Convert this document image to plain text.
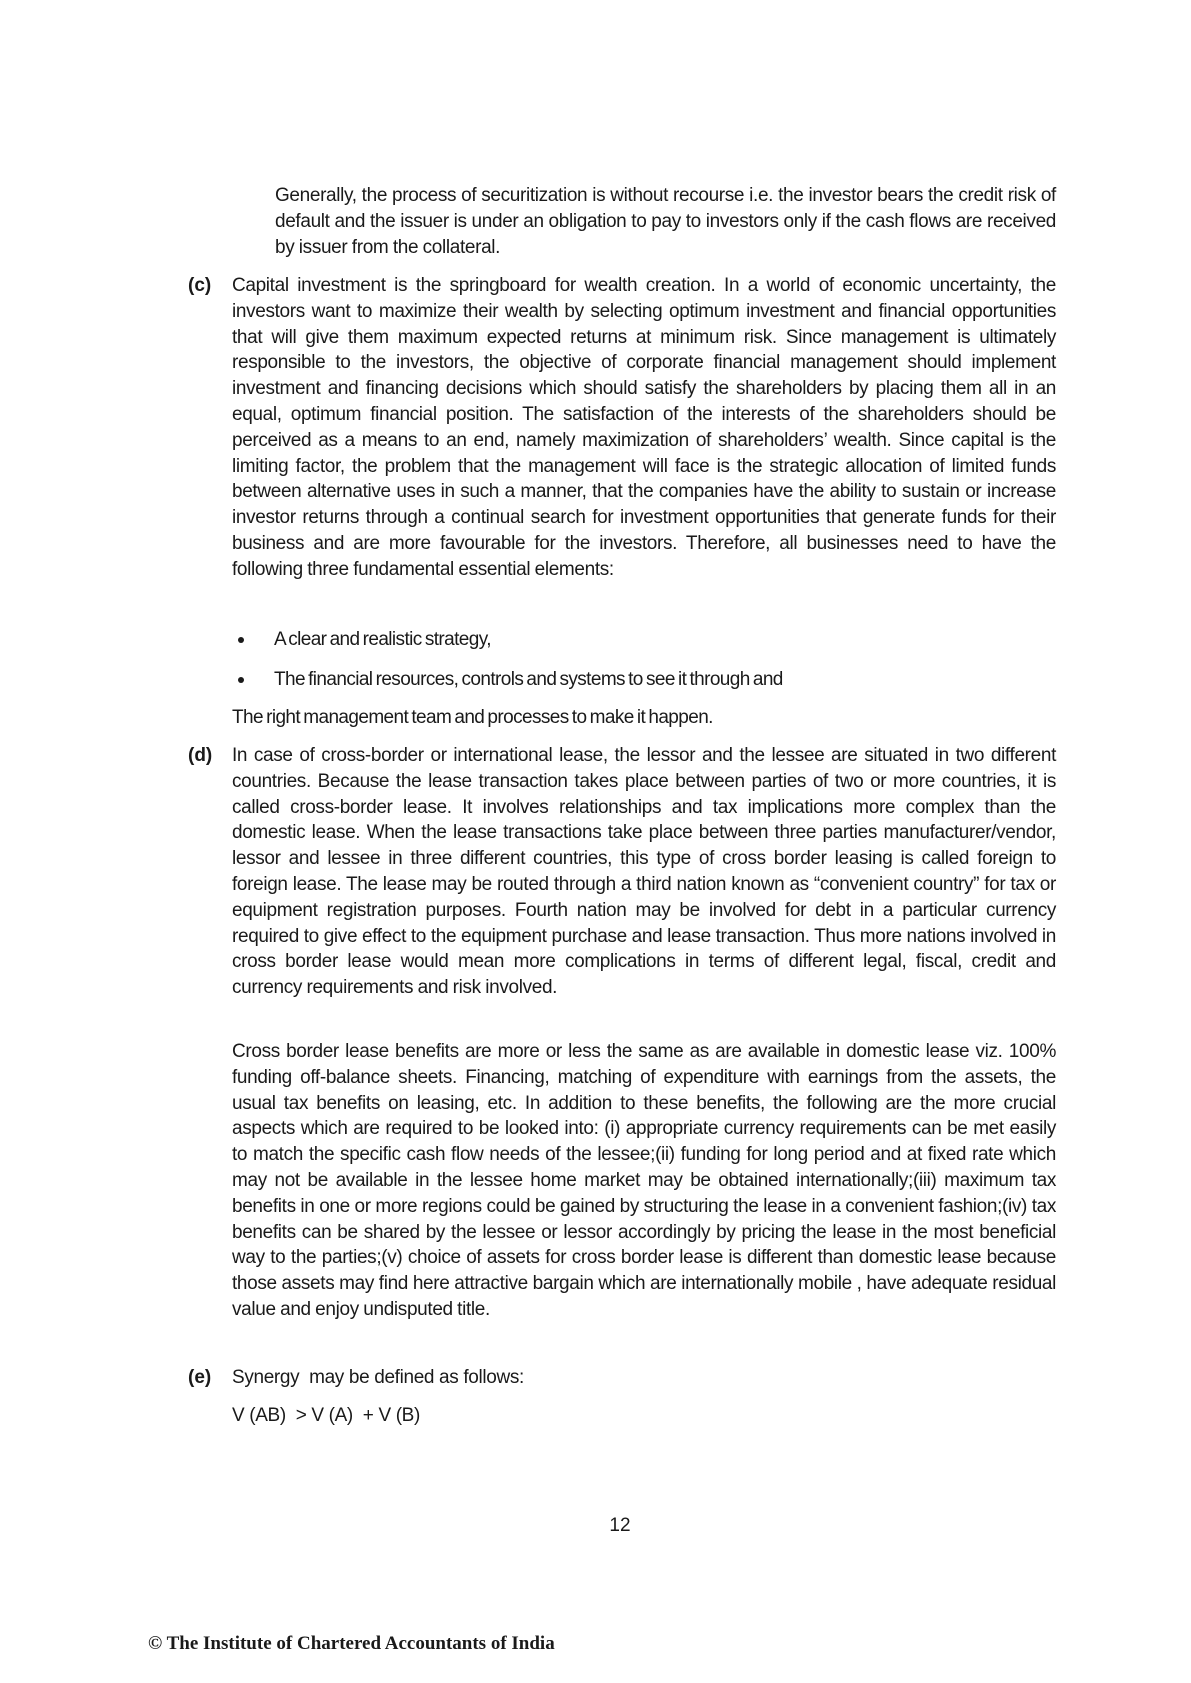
Generally, the process of securitization is without recourse i.e. the investor bears the credit risk of default and the issuer is under an obligation to pay to investors only if the cash flows are received by issuer from the collateral.

(c) Capital investment is the springboard for wealth creation. In a world of economic uncertainty, the investors want to maximize their wealth by selecting optimum investment and financial opportunities that will give them maximum expected returns at minimum risk. Since management is ultimately responsible to the investors, the objective of corporate financial management should implement investment and financing decisions which should satisfy the shareholders by placing them all in an equal, optimum financial position. The satisfaction of the interests of the shareholders should be perceived as a means to an end, namely maximization of shareholders’ wealth. Since capital is the limiting factor, the problem that the management will face is the strategic allocation of limited funds between alternative uses in such a manner, that the companies have the ability to sustain or increase investor returns through a continual search for investment opportunities that generate funds for their business and are more favourable for the investors. Therefore, all businesses need to have the following three fundamental essential elements:

A clear and realistic strategy,
The financial resources, controls and systems to see it through and
The right management team and processes to make it happen.
(d) In case of cross-border or international lease, the lessor and the lessee are situated in two different countries. Because the lease transaction takes place between parties of two or more countries, it is called cross-border lease. It involves relationships and tax implications more complex than the domestic lease. When the lease transactions take place between three parties manufacturer/vendor, lessor and lessee in three different countries, this type of cross border leasing is called foreign to foreign lease. The lease may be routed through a third nation known as “convenient country” for tax or equipment registration purposes. Fourth nation may be involved for debt in a particular currency required to give effect to the equipment purchase and lease transaction. Thus more nations involved in cross border lease would mean more complications in terms of different legal, fiscal, credit and currency requirements and risk involved.

Cross border lease benefits are more or less the same as are available in domestic lease viz. 100% funding off-balance sheets. Financing, matching of expenditure with earnings from the assets, the usual tax benefits on leasing, etc. In addition to these benefits, the following are the more crucial aspects which are required to be looked into: (i) appropriate currency requirements can be met easily to match the specific cash flow needs of the lessee;(ii) funding for long period and at fixed rate which may not be available in the lessee home market may be obtained internationally;(iii) maximum tax benefits in one or more regions could be gained by structuring the lease in a convenient fashion;(iv) tax benefits can be shared by the lessee or lessor accordingly by pricing the lease in the most beneficial way to the parties;(v) choice of assets for cross border lease is different than domestic lease because those assets may find here attractive bargain which are internationally mobile , have adequate residual value and enjoy undisputed title.

(e) Synergy  may be defined as follows:
V (AB)  > V (A)  + V (B)
12
© The Institute of Chartered Accountants of India
